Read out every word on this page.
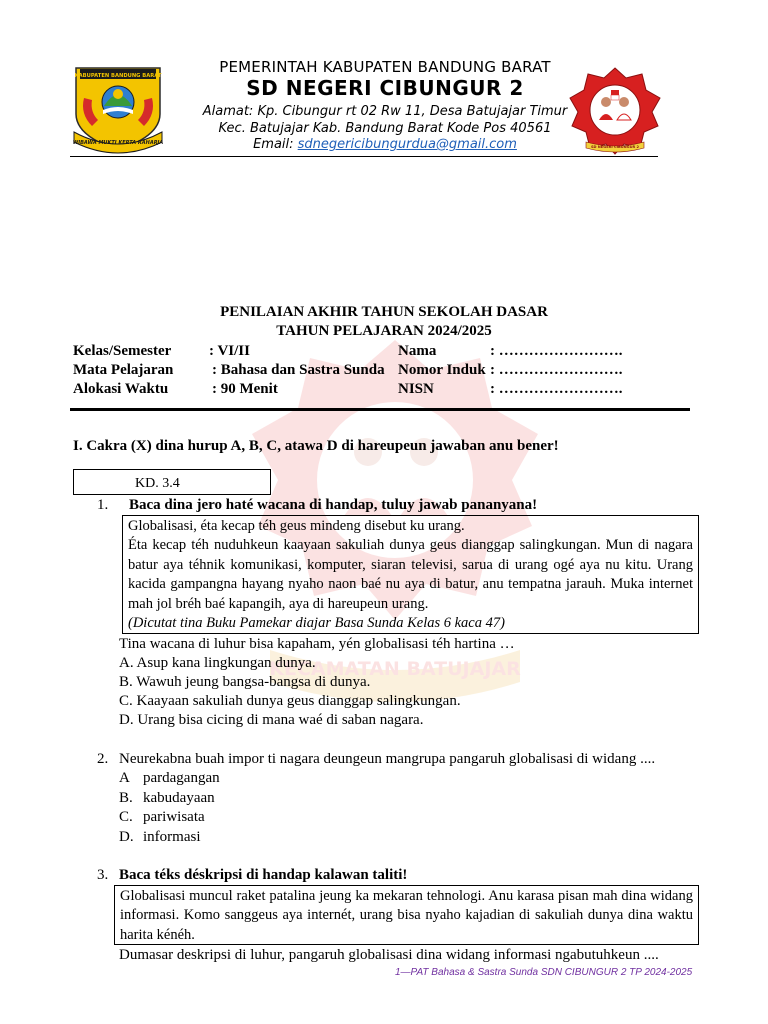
KABUPATEN BANDUNG BARAT
WIBAWA MUKTI KERTA RAHARJA
PEMERINTAH KABUPATEN BANDUNG BARAT
SD NEGERI CIBUNGUR 2
Alamat: Kp. Cibungur rt 02 Rw 11, Desa Batujajar Timur
Kec. Batujajar Kab. Bandung Barat Kode Pos 40561
Email: sdnegericibungurdua@gmail.com	SD NEGERI CIBUNGUR 2
KECAMATAN BATUJAJAR
PENILAIAN AKHIR TAHUN SEKOLAH DASAR
TAHUN PELAJARAN 2024/2025
Kelas/Semester	: VI/II
Mata Pelajaran	: Bahasa dan Sastra Sunda
Alokasi Waktu	: 90 Menit
Nama	: …………………….
Nomor Induk : …………………….
NISN	: …………………….
I. Cakra (X) dina hurup A, B, C, atawa D di hareupeun jawaban anu bener!
KD. 3.4
1. Baca dina jero haté wacana di handap, tuluy jawab pananyana!

Globalisasi, éta kecap téh geus mindeng disebut ku urang.

Éta kecap téh nuduhkeun kaayaan sakuliah dunya geus dianggap salingkungan. Mun di nagara batur aya téhnik komunikasi, komputer, siaran televisi, sarua di urang ogé aya nu kitu. Urang kacida gampangna hayang nyaho naon baé nu aya di batur, anu tempatna jarauh. Muka internet mah jol bréh baé kapangih, aya di hareupeun urang.

(Dicutat tina Buku Pamekar diajar Basa Sunda Kelas 6 kaca 47)

Tina wacana di luhur bisa kapaham, yén globalisasi téh hartina …
A. Asup kana lingkungan dunya.
B. Wawuh jeung bangsa-bangsa di dunya.
C. Kaayaan sakuliah dunya geus dianggap salingkungan.
D. Urang bisa cicing di mana waé di saban nagara.
2. Neurekabna buah impor ti nagara deungeun mangrupa pangaruh globalisasi di widang ....
A pardagangan
B. kabudayaan
C. pariwisata
D. informasi
3. Baca téks déskripsi di handap kalawan taliti!

Globalisasi muncul raket patalina jeung ka mekaran tehnologi. Anu karasa pisan mah dina widang informasi. Komo sanggeus aya internét, urang bisa nyaho kajadian di sakuliah dunya dina waktu harita kénéh.

Dumasar deskripsi di luhur, pangaruh globalisasi dina widang informasi ngabutuhkeun ....
1—PAT Bahasa & Sastra Sunda SDN CIBUNGUR 2 TP 2024-2025
